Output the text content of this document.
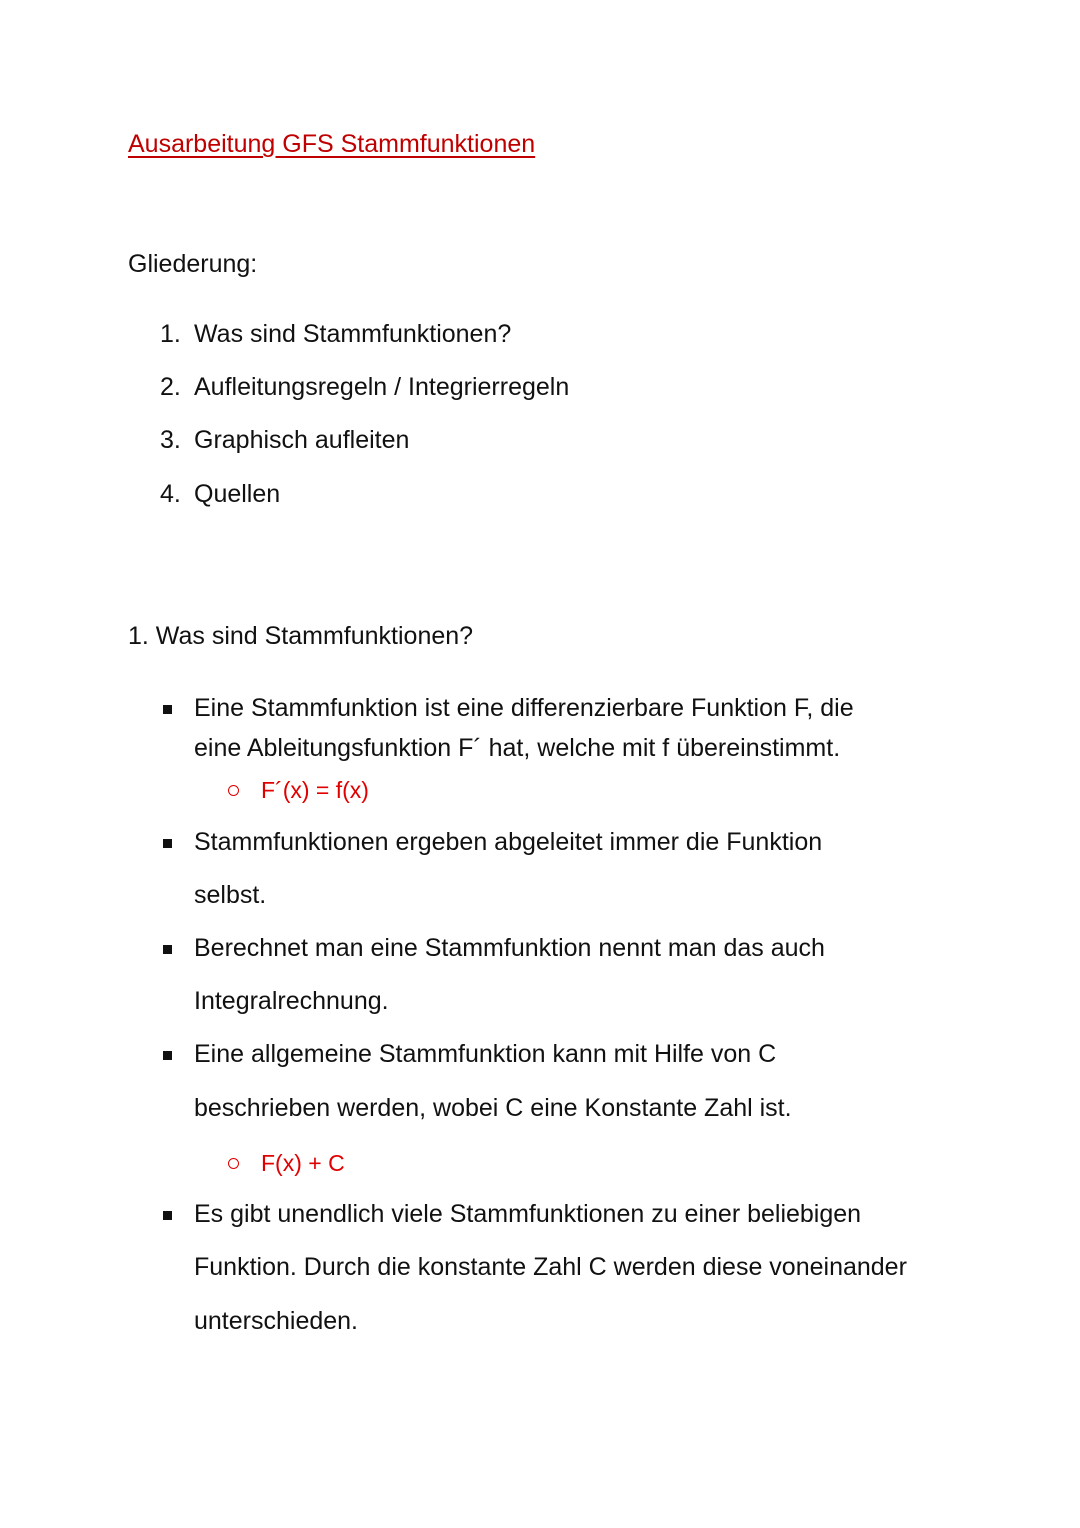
Ausarbeitung GFS Stammfunktionen
Gliederung:
1. Was sind Stammfunktionen?
2. Aufleitungsregeln / Integrierregeln
3. Graphisch aufleiten
4. Quellen
1. Was sind Stammfunktionen?
Eine Stammfunktion ist eine differenzierbare Funktion F, die
eine Ableitungsfunktion F´ hat, welche mit f übereinstimmt.
F´(x) = f(x)
Stammfunktionen ergeben abgeleitet immer die Funktion
selbst.
Berechnet man eine Stammfunktion nennt man das auch
Integralrechnung.
Eine allgemeine Stammfunktion kann mit Hilfe von C
beschrieben werden, wobei C eine Konstante Zahl ist.
F(x) + C
Es gibt unendlich viele Stammfunktionen zu einer beliebigen
Funktion. Durch die konstante Zahl C werden diese voneinander
unterschieden.
